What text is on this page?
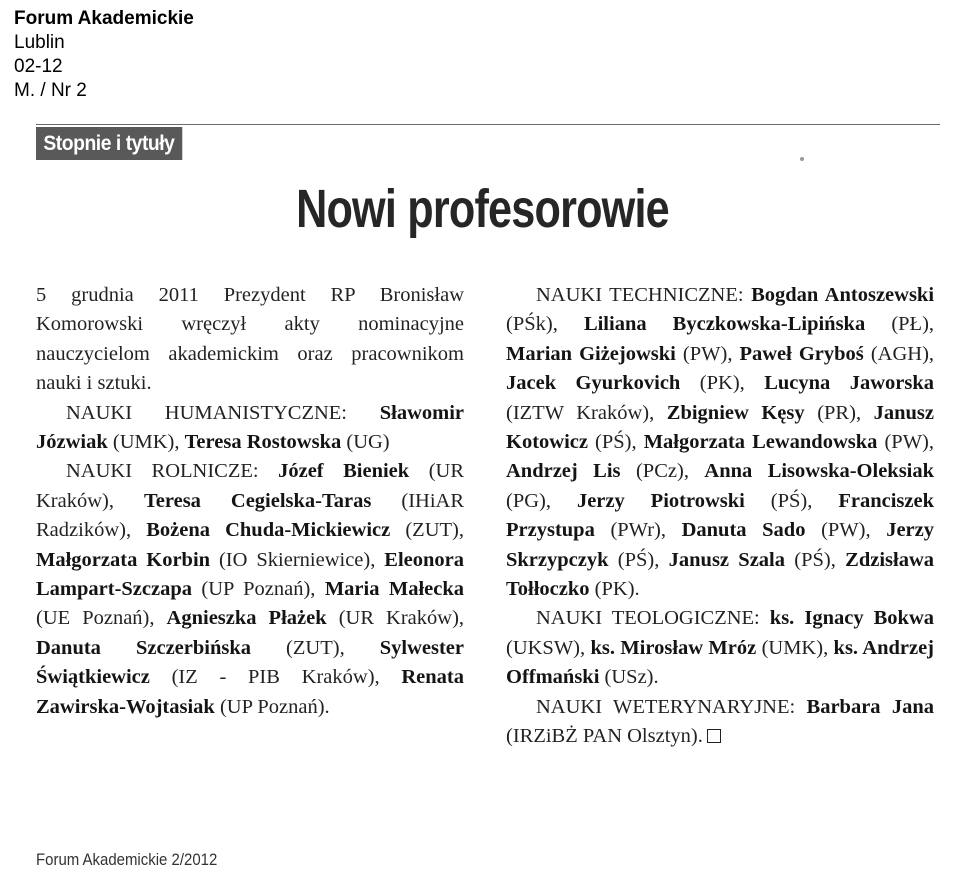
Forum Akademickie
Lublin
02-12
M. / Nr 2
Stopnie i tytuły
Nowi profesorowie

5 grudnia 2011 Prezydent RP Bronisław Komorowski wręczył akty nominacyjne nauczycielom akademickim oraz pracownikom nauki i sztuki.

NAUKI HUMANISTYCZNE: Sławomir Józwiak (UMK), Teresa Rostowska (UG)

NAUKI ROLNICZE: Józef Bieniek (UR Kraków), Teresa Cegielska-Taras (IHiAR Radzików), Bożena Chuda-Mickiewicz (ZUT), Małgorzata Korbin (IO Skierniewice), Eleonora Lampart-Szczapa (UP Poznań), Maria Małecka (UE Poznań), Agnieszka Płażek (UR Kraków), Danuta Szczerbińska (ZUT), Sylwester Świątkiewicz (IZ - PIB Kraków), Renata Zawirska-Wojtasiak (UP Poznań).

NAUKI TECHNICZNE: Bogdan Antoszewski (PŚk), Liliana Byczkowska-Lipińska (PŁ), Marian Giżejowski (PW), Paweł Gryboś (AGH), Jacek Gyurkovich (PK), Lucyna Jaworska (IZTW Kraków), Zbigniew Kęsy (PR), Janusz Kotowicz (PŚ), Małgorzata Lewandowska (PW), Andrzej Lis (PCz), Anna Lisowska-Oleksiak (PG), Jerzy Piotrowski (PŚ), Franciszek Przystupa (PWr), Danuta Sado (PW), Jerzy Skrzypczyk (PŚ), Janusz Szala (PŚ), Zdzisława Tołłoczko (PK).

NAUKI TEOLOGICZNE: ks. Ignacy Bokwa (UKSW), ks. Mirosław Mróz (UMK), ks. Andrzej Offmański (USz).

NAUKI WETERYNARYJNE: Barbara Jana (IRZiBŻ PAN Olsztyn).

Forum Akademickie 2/2012
